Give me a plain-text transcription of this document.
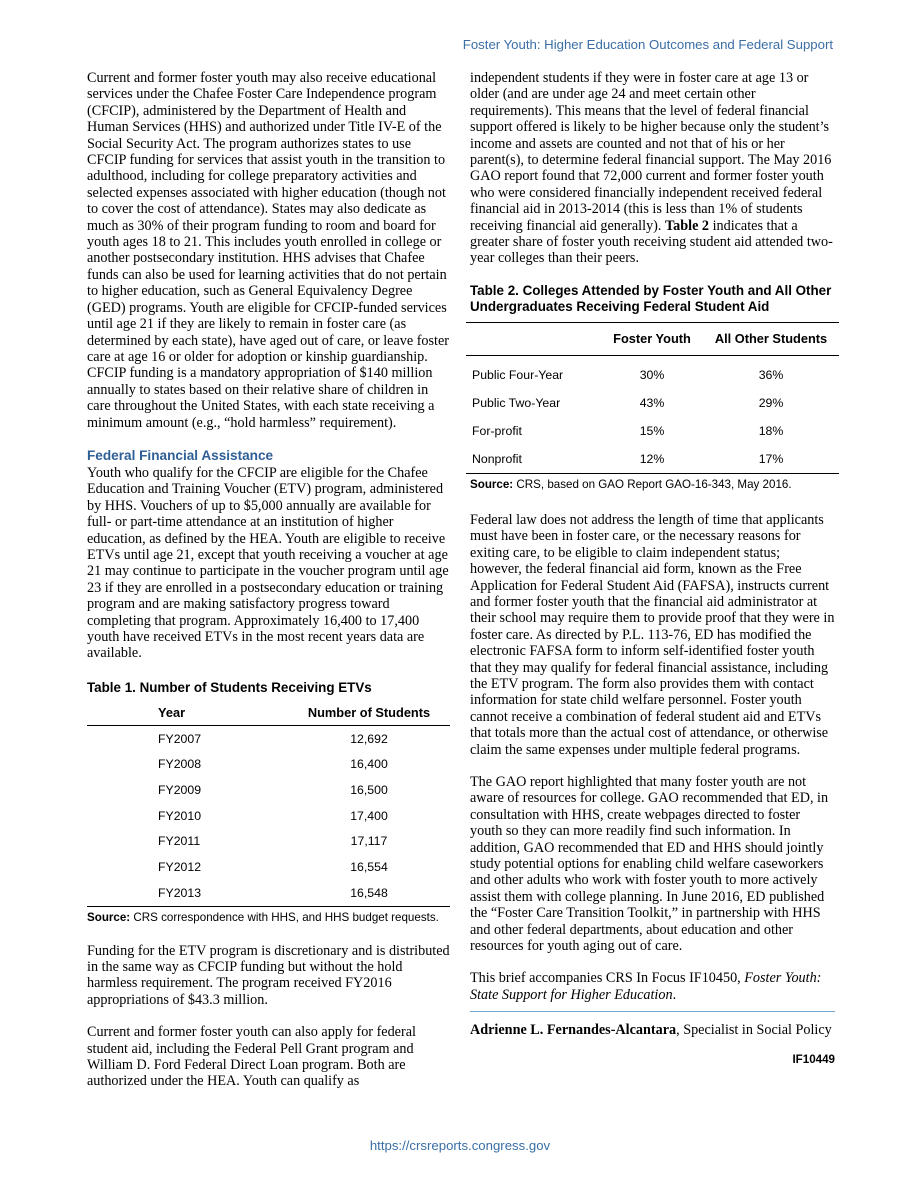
Foster Youth: Higher Education Outcomes and Federal Support

Current and former foster youth may also receive educational services under the Chafee Foster Care Independence program (CFCIP), administered by the Department of Health and Human Services (HHS) and authorized under Title IV-E of the Social Security Act. The program authorizes states to use CFCIP funding for services that assist youth in the transition to adulthood, including for college preparatory activities and selected expenses associated with higher education (though not to cover the cost of attendance). States may also dedicate as much as 30% of their program funding to room and board for youth ages 18 to 21. This includes youth enrolled in college or another postsecondary institution. HHS advises that Chafee funds can also be used for learning activities that do not pertain to higher education, such as General Equivalency Degree (GED) programs. Youth are eligible for CFCIP-funded services until age 21 if they are likely to remain in foster care (as determined by each state), have aged out of care, or leave foster care at age 16 or older for adoption or kinship guardianship. CFCIP funding is a mandatory appropriation of $140 million annually to states based on their relative share of children in care throughout the United States, with each state receiving a minimum amount (e.g., “hold harmless” requirement).

Federal Financial Assistance

Youth who qualify for the CFCIP are eligible for the Chafee Education and Training Voucher (ETV) program, administered by HHS. Vouchers of up to $5,000 annually are available for full- or part-time attendance at an institution of higher education, as defined by the HEA. Youth are eligible to receive ETVs until age 21, except that youth receiving a voucher at age 21 may continue to participate in the voucher program until age 23 if they are enrolled in a postsecondary education or training program and are making satisfactory progress toward completing that program. Approximately 16,400 to 17,400 youth have received ETVs in the most recent years data are available.

Table 1. Number of Students Receiving ETVs
Year	Number of Students
FY2007	12,692
FY2008	16,400
FY2009	16,500
FY2010	17,400
FY2011	17,117
FY2012	16,554
FY2013	16,548
Source: CRS correspondence with HHS, and HHS budget requests.

Funding for the ETV program is discretionary and is distributed in the same way as CFCIP funding but without the hold harmless requirement. The program received FY2016 appropriations of $43.3 million.

Current and former foster youth can also apply for federal student aid, including the Federal Pell Grant program and William D. Ford Federal Direct Loan program. Both are authorized under the HEA. Youth can qualify as

independent students if they were in foster care at age 13 or older (and are under age 24 and meet certain other requirements). This means that the level of federal financial support offered is likely to be higher because only the student’s income and assets are counted and not that of his or her parent(s), to determine federal financial support. The May 2016 GAO report found that 72,000 current and former foster youth who were considered financially independent received federal financial aid in 2013-2014 (this is less than 1% of students receiving financial aid generally). Table 2 indicates that a greater share of foster youth receiving student aid attended two-year colleges than their peers.

Table 2. Colleges Attended by Foster Youth and All Other Undergraduates Receiving Federal Student Aid
	Foster Youth	All Other Students
Public Four-Year	30%	36%
Public Two-Year	43%	29%
For-profit	15%	18%
Nonprofit	12%	17%
Source: CRS, based on GAO Report GAO-16-343, May 2016.

Federal law does not address the length of time that applicants must have been in foster care, or the necessary reasons for exiting care, to be eligible to claim independent status; however, the federal financial aid form, known as the Free Application for Federal Student Aid (FAFSA), instructs current and former foster youth that the financial aid administrator at their school may require them to provide proof that they were in foster care. As directed by P.L. 113-76, ED has modified the electronic FAFSA form to inform self-identified foster youth that they may qualify for federal financial assistance, including the ETV program. The form also provides them with contact information for state child welfare personnel. Foster youth cannot receive a combination of federal student aid and ETVs that totals more than the actual cost of attendance, or otherwise claim the same expenses under multiple federal programs.

The GAO report highlighted that many foster youth are not aware of resources for college. GAO recommended that ED, in consultation with HHS, create webpages directed to foster youth so they can more readily find such information. In addition, GAO recommended that ED and HHS should jointly study potential options for enabling child welfare caseworkers and other adults who work with foster youth to more actively assist them with college planning. In June 2016, ED published the “Foster Care Transition Toolkit,” in partnership with HHS and other federal departments, about education and other resources for youth aging out of care.

This brief accompanies CRS In Focus IF10450, Foster Youth: State Support for Higher Education.

Adrienne L. Fernandes-Alcantara, Specialist in Social Policy
IF10449
https://crsreports.congress.gov
